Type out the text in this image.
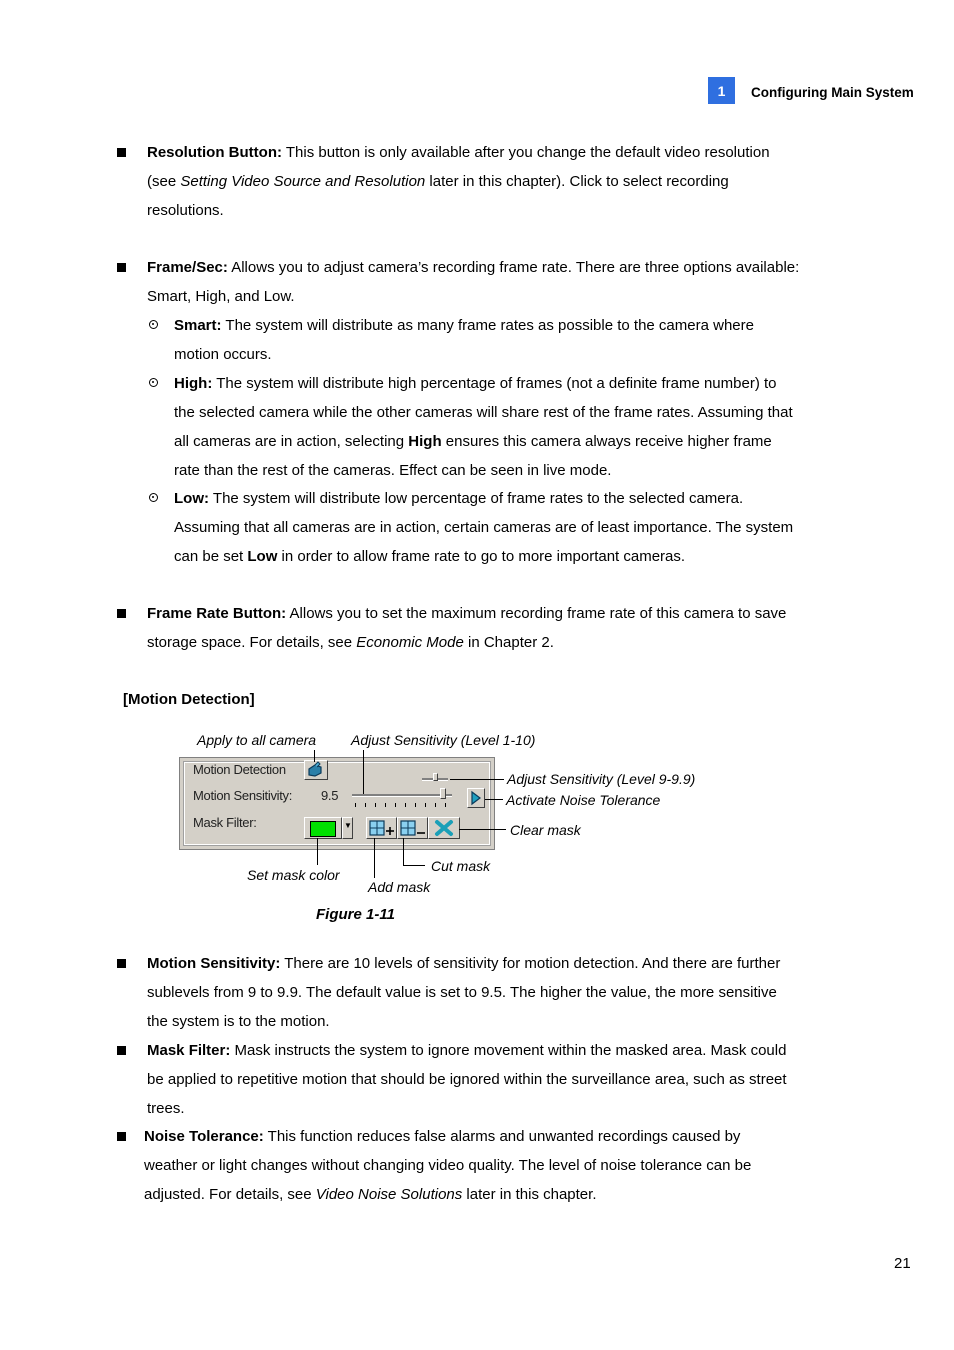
1	Configuring Main System
Resolution Button: This button is only available after you change the default video resolution
(see Setting Video Source and Resolution later in this chapter). Click to select recording
resolutions.
Frame/Sec: Allows you to adjust camera’s recording frame rate. There are three options available:
Smart, High, and Low.
Smart: The system will distribute as many frame rates as possible to the camera where
motion occurs.
High: The system will distribute high percentage of frames (not a definite frame number) to
the selected camera while the other cameras will share rest of the frame rates. Assuming that
all cameras are in action, selecting High ensures this camera always receive higher frame
rate than the rest of the cameras. Effect can be seen in live mode.
Low: The system will distribute low percentage of frame rates to the selected camera.
Assuming that all cameras are in action, certain cameras are of least importance. The system
can be set Low in order to allow frame rate to go to more important cameras.
Frame Rate Button: Allows you to set the maximum recording frame rate of this camera to save
storage space. For details, see Economic Mode in Chapter 2.
[Motion Detection]
Motion Detection
Motion Sensitivity: 9.5
Mask Filter:	▼
Apply to all camera Adjust Sensitivity (Level 1-10)
Adjust Sensitivity (Level 9-9.9)
Activate Noise Tolerance
Clear mask
Cut mask
Set mask color
Add mask
Figure 1-11
Motion Sensitivity: There are 10 levels of sensitivity for motion detection. And there are further
sublevels from 9 to 9.9. The default value is set to 9.5. The higher the value, the more sensitive
the system is to the motion.
Mask Filter: Mask instructs the system to ignore movement within the masked area. Mask could
be applied to repetitive motion that should be ignored within the surveillance area, such as street
trees.
Noise Tolerance: This function reduces false alarms and unwanted recordings caused by
weather or light changes without changing video quality. The level of noise tolerance can be
adjusted. For details, see Video Noise Solutions later in this chapter.
21
